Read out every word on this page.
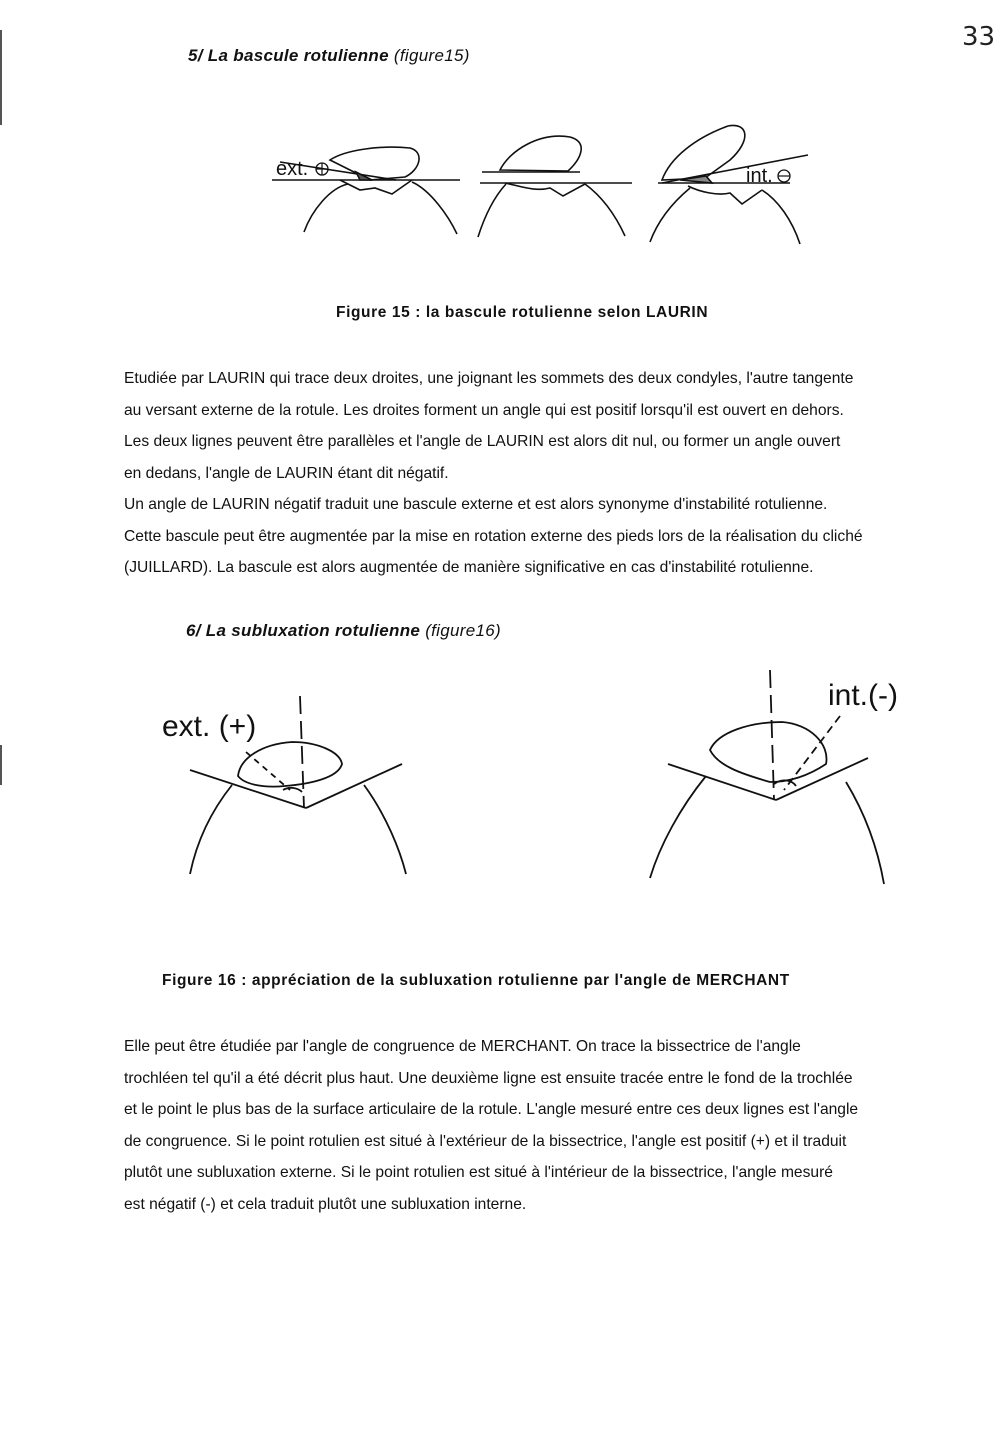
33
5/ La bascule rotulienne (figure15)
ext.	int.
Figure 15 : la bascule rotulienne selon LAURIN
Etudiée par LAURIN qui trace deux droites, une joignant les sommets des deux condyles, l'autre tangente
au versant externe de la rotule. Les droites forment un angle qui est positif lorsqu'il est ouvert en dehors.
Les deux lignes peuvent être parallèles et l'angle de LAURIN est alors dit nul, ou former un angle ouvert
en dedans, l'angle de LAURIN étant dit négatif.
Un angle de LAURIN négatif traduit une bascule externe et est alors synonyme d'instabilité rotulienne.
Cette bascule peut être augmentée par la mise en rotation externe des pieds lors de la réalisation du cliché
(JUILLARD). La bascule est alors augmentée de manière significative en cas d'instabilité rotulienne.
6/ La subluxation rotulienne (figure16)
ext. (+)
int.(-)
Figure 16 : appréciation de la subluxation rotulienne par l'angle de MERCHANT
Elle peut être étudiée par l'angle de congruence de MERCHANT. On trace la bissectrice de l'angle
trochléen tel qu'il a été décrit plus haut. Une deuxième ligne est ensuite tracée entre le fond de la trochlée
et le point le plus bas de la surface articulaire de la rotule. L'angle mesuré entre ces deux lignes est l'angle
de congruence. Si le point rotulien est situé à l'extérieur de la bissectrice, l'angle est positif (+) et il traduit
plutôt une subluxation externe. Si le point rotulien est situé à l'intérieur de la bissectrice, l'angle mesuré
est négatif (-) et cela traduit plutôt une subluxation interne.
